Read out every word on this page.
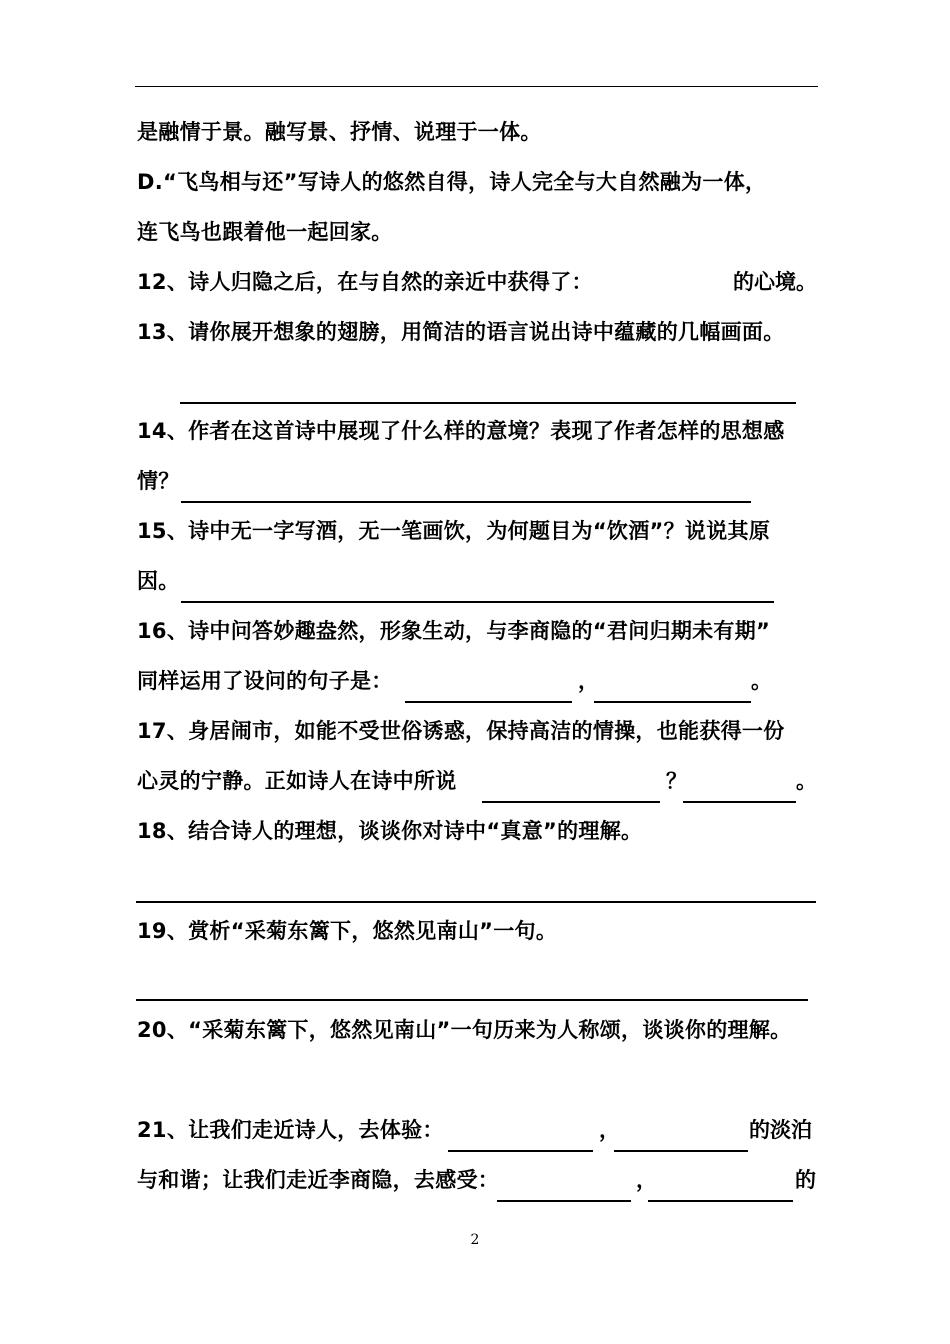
是融情于景。融写景、抒情、说理于一体。
D.“飞鸟相与还”写诗人的悠然自得，诗人完全与大自然融为一体，
连飞鸟也跟着他一起回家。
12、诗人归隐之后，在与自然的亲近中获得了：	的心境。
13、请你展开想象的翅膀，用简洁的语言说出诗中蕴藏的几幅画面。
14、作者在这首诗中展现了什么样的意境？表现了作者怎样的思想感
情？
15、诗中无一字写酒，无一笔画饮，为何题目为“饮酒”？说说其原
因。
16、诗中问答妙趣盎然，形象生动，与李商隐的“君问归期未有期”
同样运用了设问的句子是：	，	。
17、身居闹市，如能不受世俗诱惑，保持高洁的情操，也能获得一份
心灵的宁静。正如诗人在诗中所说	？	。
18、结合诗人的理想，谈谈你对诗中“真意”的理解。
19、赏析“采菊东篱下，悠然见南山”一句。
20、“采菊东篱下，悠然见南山”一句历来为人称颂，谈谈你的理解。
21、让我们走近诗人，去体验：	，	的淡泊
与和谐；让我们走近李商隐，去感受：	，	的
2
